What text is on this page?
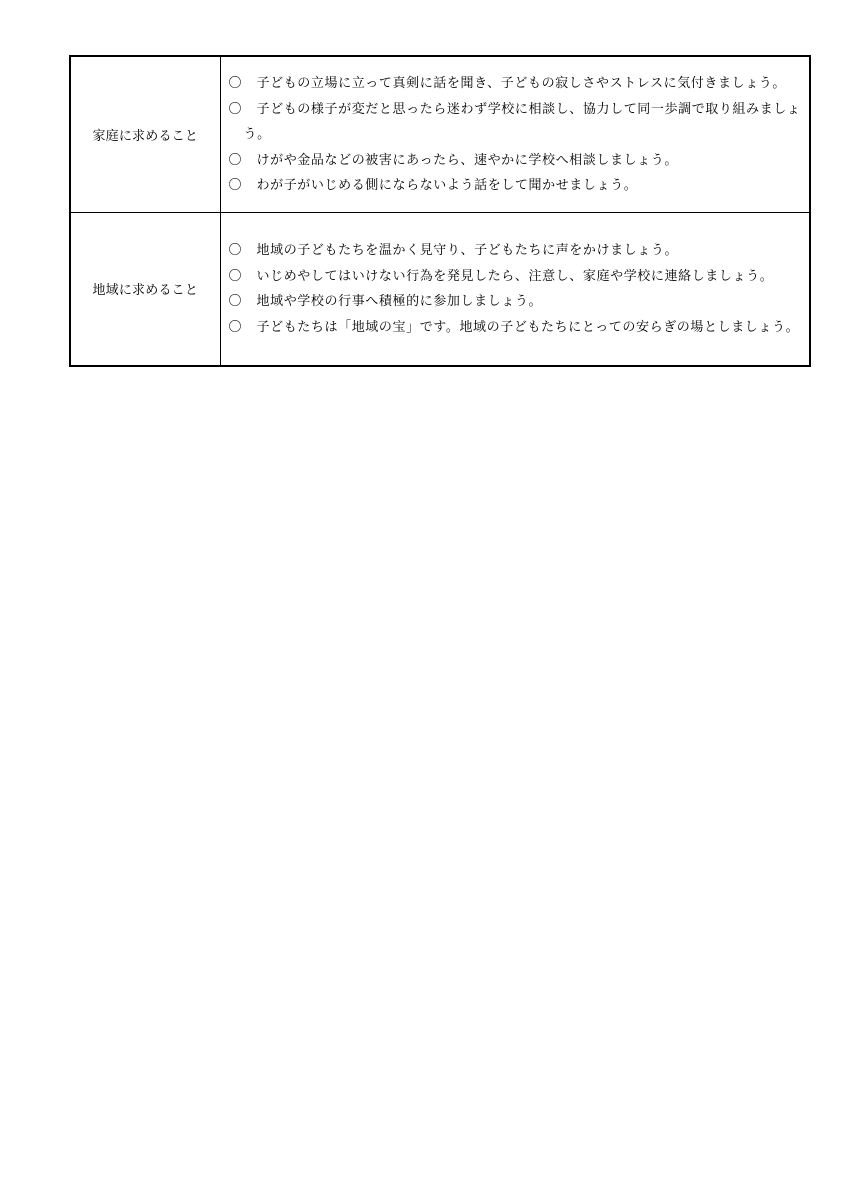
家庭に求めること	〇 子どもの立場に立って真剣に話を聞き、子どもの寂しさやストレスに気付きましょう。
〇 子どもの様子が変だと思ったら迷わず学校に相談し、協力して同一歩調で取り組みましょう。
〇 けがや金品などの被害にあったら、速やかに学校へ相談しましょう。
〇 わが子がいじめる側にならないよう話をして聞かせましょう。

地域に求めること	〇 地域の子どもたちを温かく見守り、子どもたちに声をかけましょう。
〇 いじめやしてはいけない行為を発見したら、注意し、家庭や学校に連絡しましょう。
〇 地域や学校の行事へ積極的に参加しましょう。
〇 子どもたちは「地域の宝」です。地域の子どもたちにとっての安らぎの場としましょう。
